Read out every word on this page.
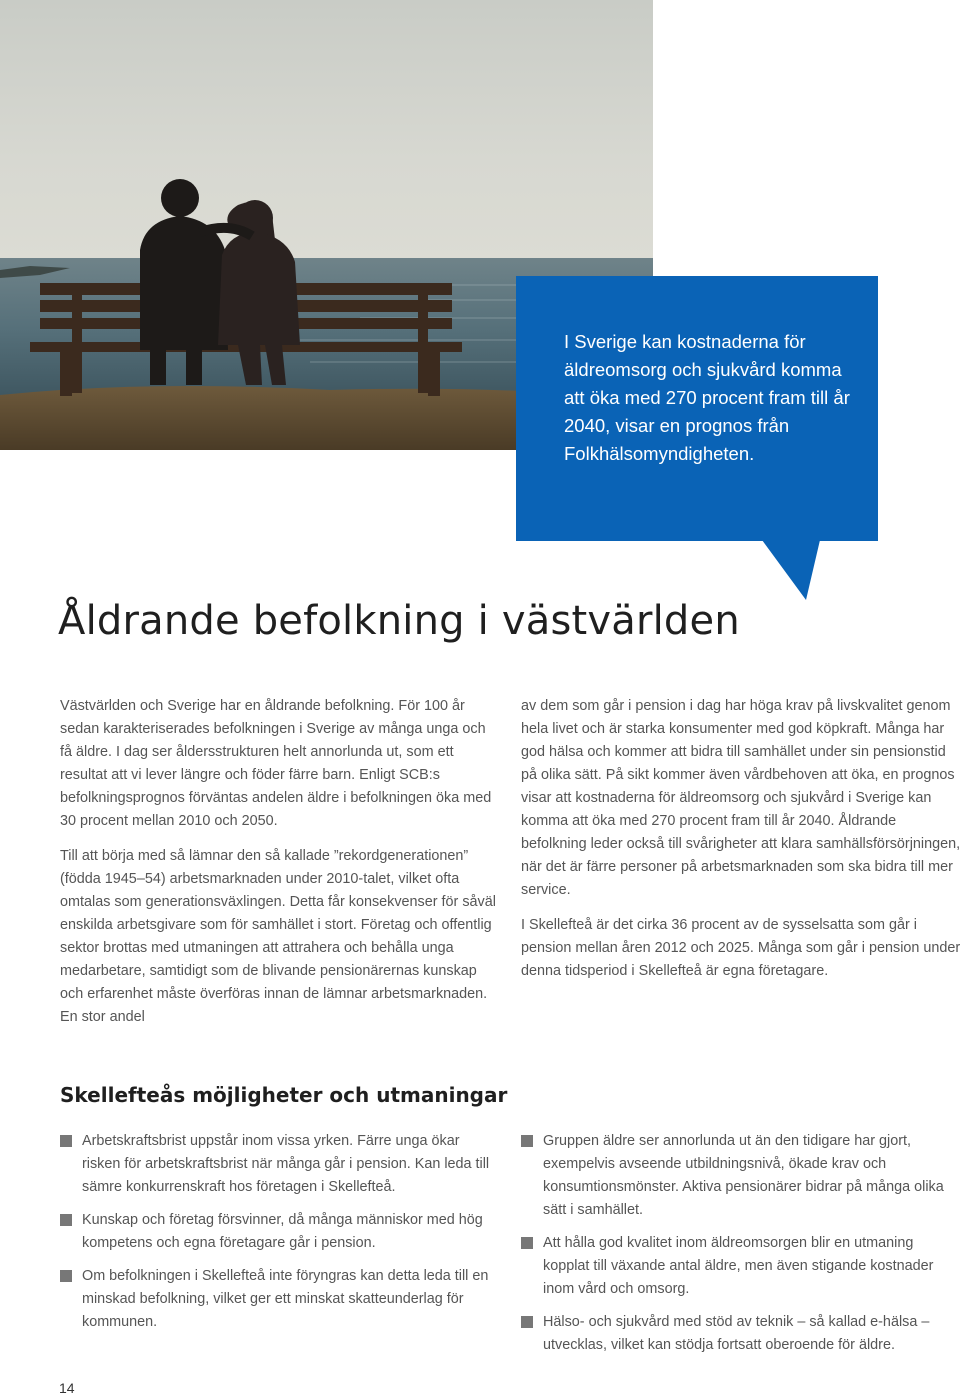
I Sverige kan kostnaderna för äldreomsorg och sjukvård komma att öka med 270 procent fram till år 2040, visar en prognos från Folkhälsomyndigheten.

Åldrande befolkning i västvärlden

Västvärlden och Sverige har en åldrande befolkning. För 100 år sedan karakteriserades befolkningen i Sverige av många unga och få äldre. I dag ser åldersstrukturen helt annorlunda ut, som ett resultat att vi lever längre och föder färre barn. Enligt SCB:s befolkningsprognos förväntas andelen äldre i befolkningen öka med 30 procent mellan 2010 och 2050.

Till att börja med så lämnar den så kallade ”rekordgenerationen” (födda 1945–54) arbetsmarknaden under 2010-talet, vilket ofta omtalas som generationsväxlingen. Detta får konsekvenser för såväl enskilda arbetsgivare som för samhället i stort. Företag och offentlig sektor brottas med utmaningen att attrahera och behålla unga medarbetare, samtidigt som de blivande pensionärernas kunskap och erfarenhet måste överföras innan de lämnar arbetsmarknaden. En stor andel

av dem som går i pension i dag har höga krav på livskvalitet genom hela livet och är starka konsumenter med god köpkraft. Många har god hälsa och kommer att bidra till samhället under sin pensionstid på olika sätt. På sikt kommer även vårdbehoven att öka, en prognos visar att kostnaderna för äldreomsorg och sjukvård i Sverige kan komma att öka med 270 procent fram till år 2040. Åldrande befolkning leder också till svårigheter att klara samhällsförsörjningen, när det är färre personer på arbetsmarknaden som ska bidra till mer service.

I Skellefteå är det cirka 36 procent av de sysselsatta som går i pension mellan åren 2012 och 2025. Många som går i pension under denna tidsperiod i Skellefteå är egna företagare.

Skellefteås möjligheter och utmaningar
Arbetskraftsbrist uppstår inom vissa yrken. Färre unga ökar risken för arbetskraftsbrist när många går i pension. Kan leda till sämre konkurrenskraft hos företagen i Skellefteå.
Kunskap och företag försvinner, då många människor med hög kompetens och egna företagare går i pension.
Om befolkningen i Skellefteå inte föryngras kan detta leda till en minskad befolkning, vilket ger ett minskat skatteunderlag för kommunen.
Gruppen äldre ser annorlunda ut än den tidigare har gjort, exempelvis avseende utbildningsnivå, ökade krav och konsumtionsmönster. Aktiva pensionärer bidrar på många olika sätt i samhället.
Att hålla god kvalitet inom äldreomsorgen blir en utmaning kopplat till växande antal äldre, men även stigande kostnader inom vård och omsorg.
Hälso- och sjukvård med stöd av teknik – så kallad e-hälsa – utvecklas, vilket kan stödja fortsatt oberoende för äldre.
14
